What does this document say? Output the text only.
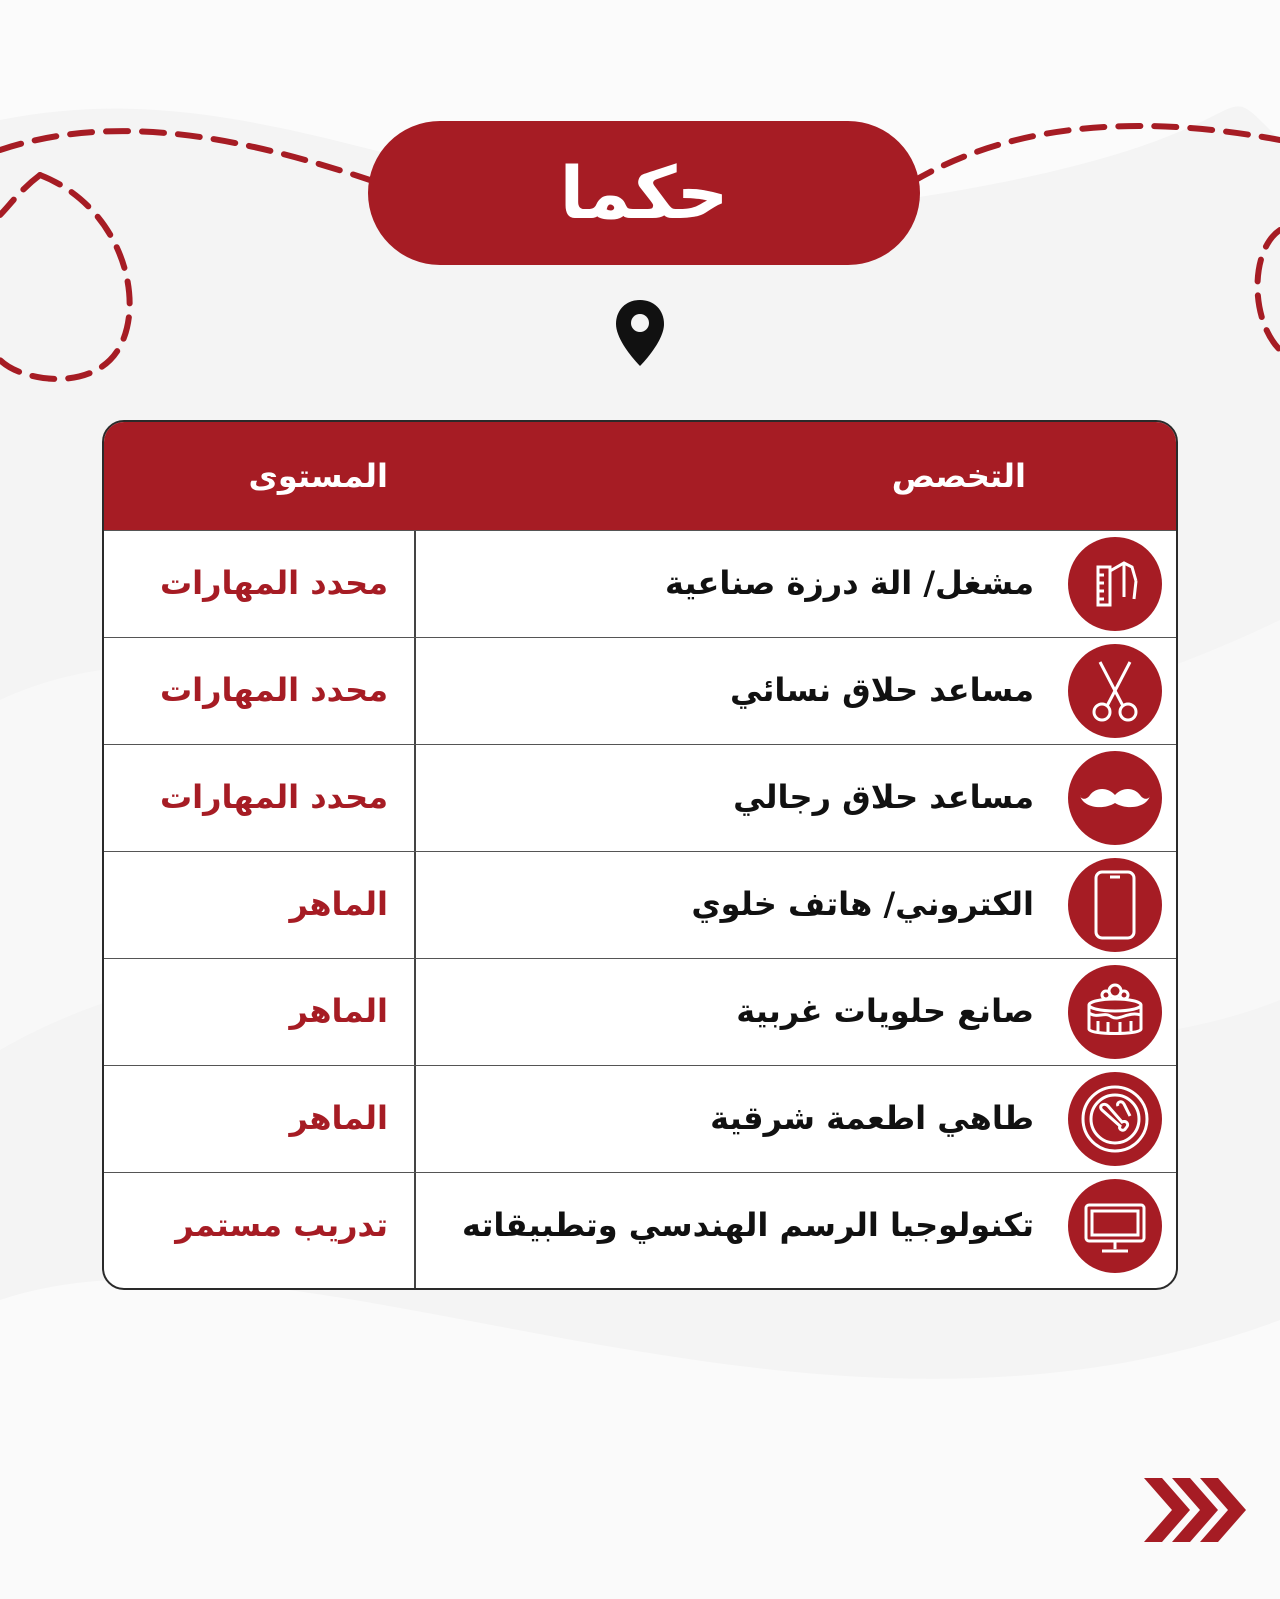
حكما
التخصص
المستوى
مشغل/ الة درزة صناعية
محدد المهارات
مساعد حلاق نسائي
محدد المهارات
مساعد حلاق رجالي
محدد المهارات
الكتروني/ هاتف خلوي
الماهر
صانع حلويات غربية
الماهر
طاهي اطعمة شرقية
الماهر
تكنولوجيا الرسم الهندسي وتطبيقاته
تدريب مستمر
